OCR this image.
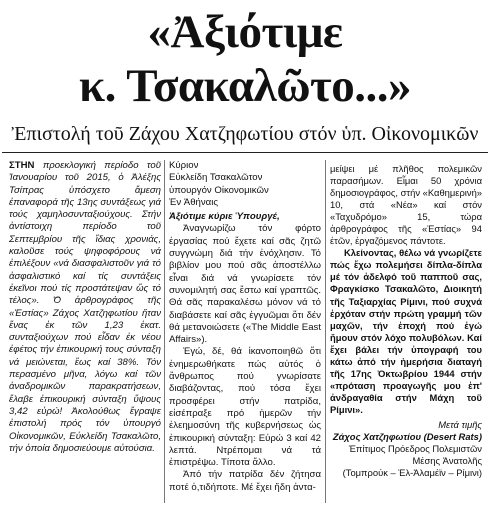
«Ἀξιότιμε
κ. Τσακαλῶτο...»
Ἐπιστολή τοῦ Ζάχου Χατζηφωτίου στόν ὑπ. Οἰκονομικῶν

ΣΤΗΝ προεκλογική περίοδο τοῦ Ἰανουαρίου τοῦ 2015, ὁ Ἀλέξης Τσίπρας ὑπόσχετο ἄμεση ἐπαναφορά τῆς 13ης συντάξεως γιά τούς χαμηλοσυνταξιούχους. Στήν ἀντίστοιχη περίοδο τοῦ Σεπτεμβρίου τῆς ἴδιας χρονιάς, καλοῦσε τούς ψηφοφόρους νά ἐπιλέξουν «νά διασφαλιστοῦν γιά τό ἀσφαλιστικό καί τίς συντάξεις ἐκεῖνοι πού τίς προστάτεψαν ὥς τό τέλος». Ὁ ἀρθρογράφος τῆς «Ἑστίας» Ζάχος Χατζηφωτίου ἤταν ἕνας ἐκ τῶν 1,23 ἑκατ. συνταξιούχων πού εἶδαν ἐκ νέου ἐφέτος τήν ἐπικουρική τους σύνταξη νά μειώνεται, ἕως καί 38%. Τόν περασμένο μῆνα, λόγω καί τῶν ἀναδρομικῶν παρακρατήσεων, ἔλαβε ἐπικουρική σύνταξη ὕψους 3,42 εὐρώ! Ἀκολούθως ἔγραψε ἐπιστολή πρός τόν ὑπουργό Οἰκονομικῶν, Εὐκλείδη Τσακαλῶτο, τήν ὁποία δημοσιεύουμε αὐτούσια.

Κύριον

Εὐκλείδη Τσακαλῶτον

ὑπουργόν Οἰκονομικῶν

Ἐν Ἀθήναις

Ἀξιότιμε κύριε Ὑπουργέ,

Ἀναγνωρίζω τόν φόρτο ἐργασίας πού ἔχετε καί σᾶς ζητῶ συγγνώμη διά τήν ἐνόχλησιν. Τό βιβλίον μου πού σᾶς ἀποστέλλω εἶναι διά νά γνωρίσετε τόν συνομιλητή σας ἔστω καί γραπτῶς. Θά σᾶς παρακαλέσω μόνον νά τό διαβάσετε καί σᾶς ἐγγυῶμαι ὅτι δέν θά μετανοιώσετε («The Middle East Affairs»).

Ἐγώ, δέ, θά ἱκανοποιηθῶ ὅτι ἐνημερωθήκατε πώς αὐτός ὁ ἄνθρωπος πού γνωρίσατε διαβάζοντας, πού τόσα ἔχει προσφέρει στήν πατρίδα, εἰσέπραξε πρό ἡμερῶν τήν ἐλεημοσύνη τῆς κυβερνήσεως ὡς ἐπικουρική σύνταξη: Εὐρώ 3 καί 42 λεπτά. Ντρέπομαι νά τά ἐπιστρέψω. Τίποτα ἄλλο.

Ἀπό τήν πατρίδα δέν ζήτησα ποτέ ὁ,τιδήποτε. Μέ ἔχει ἤδη ἀντα-

μείψει μέ πλῆθος πολεμικῶν παρασήμων. Εἶμαι 50 χρόνια δημοσιογράφος, στήν «Καθημερινή» 10, στά «Νέα» καί στόν «Ταχυδρόμο» 15, τώρα ἀρθρογράφος τῆς «Ἑστίας» 94 ἐτῶν, ἐργαζόμενος πάντοτε.

Κλείνοντας, θέλω νά γνωρίζετε πώς ἔχω πολεμήσει δίπλα-δίπλα μέ τόν ἀδελφό τοῦ παπποῦ σας, Φραγκίσκο Τσακαλῶτο, Διοικητή τῆς Ταξιαρχίας Ρίμινι, πού συχνά ἐρχόταν στήν πρώτη γραμμή τῶν μαχῶν, τήν ἐποχή πού ἐγώ ἤμουν στόν λόχο πολυβόλων. Καί ἔχει βάλει τήν ὑπογραφή του κάτω ἀπό τήν ἡμερήσια διαταγή τῆς 17ης Ὀκτωβρίου 1944 στήν «πρόταση προαγωγῆς μου ἐπ' ἀνδραγαθία στήν Μάχη τοῦ Ρίμινι».

Μετά τιμῆς

Ζάχος Χατζηφωτίου (Desert Rats)

Ἐπίτιμος Πρόεδρος Πολεμιστῶν

Μέσης Ἀνατολῆς

(Τομπρούκ – Ἐλ-Ἀλαμέϊν – Ρίμινι)
